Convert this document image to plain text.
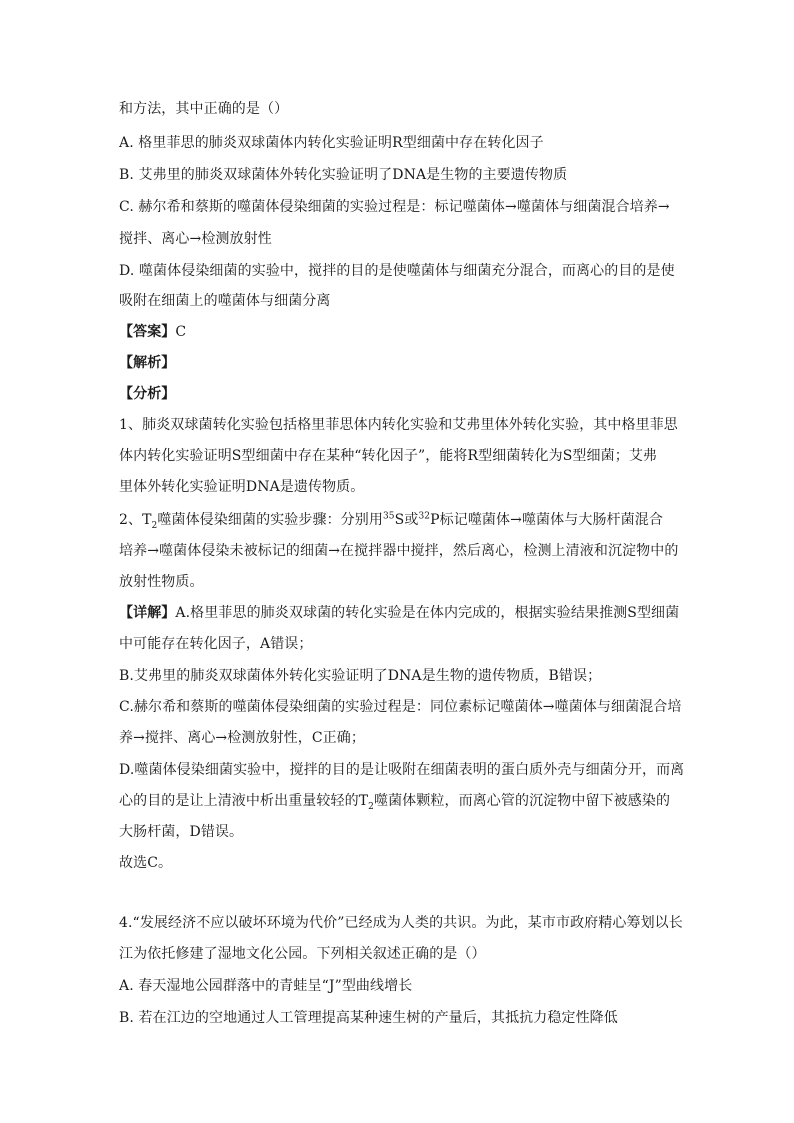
和方法，其中正确的是（）
A. 格里菲思的肺炎双球菌体内转化实验证明R型细菌中存在转化因子
B. 艾弗里的肺炎双球菌体外转化实验证明了DNA是生物的主要遗传物质
C. 赫尔希和蔡斯的噬菌体侵染细菌的实验过程是：标记噬菌体→噬菌体与细菌混合培养→
搅拌、离心→检测放射性
D. 噬菌体侵染细菌的实验中，搅拌的目的是使噬菌体与细菌充分混合，而离心的目的是使
吸附在细菌上的噬菌体与细菌分离
【答案】C
【解析】
【分析】
1、肺炎双球菌转化实验包括格里菲思体内转化实验和艾弗里体外转化实验，其中格里菲思
体内转化实验证明S型细菌中存在某种“转化因子”，能将R型细菌转化为S型细菌；艾弗
里体外转化实验证明DNA是遗传物质。
2、$T_2$噬菌体侵染细菌的实验步骤：分别用$^{35}$S或$^{32}$P标记噬菌体→噬菌体与大肠杆菌混合
培养→噬菌体侵染未被标记的细菌→在搅拌器中搅拌，然后离心，检测上清液和沉淀物中的
放射性物质。
【详解】A.格里菲思的肺炎双球菌的转化实验是在体内完成的，根据实验结果推测S型细菌
中可能存在转化因子，A错误；
B.艾弗里的肺炎双球菌体外转化实验证明了DNA是生物的遗传物质，B错误；
C.赫尔希和蔡斯的噬菌体侵染细菌的实验过程是：同位素标记噬菌体→噬菌体与细菌混合培
养→搅拌、离心→检测放射性，C正确；
D.噬菌体侵染细菌实验中，搅拌的目的是让吸附在细菌表明的蛋白质外壳与细菌分开，而离
心的目的是让上清液中析出重量较轻的$T_2$噬菌体颗粒，而离心管的沉淀物中留下被感染的
大肠杆菌，D错误。
故选C。
4.“发展经济不应以破坏环境为代价”已经成为人类的共识。为此，某市市政府精心筹划以长
江为依托修建了湿地文化公园。下列相关叙述正确的是（）
A. 春天湿地公园群落中的青蛙呈“J”型曲线增长
B. 若在江边的空地通过人工管理提高某种速生树的产量后，其抵抗力稳定性降低
